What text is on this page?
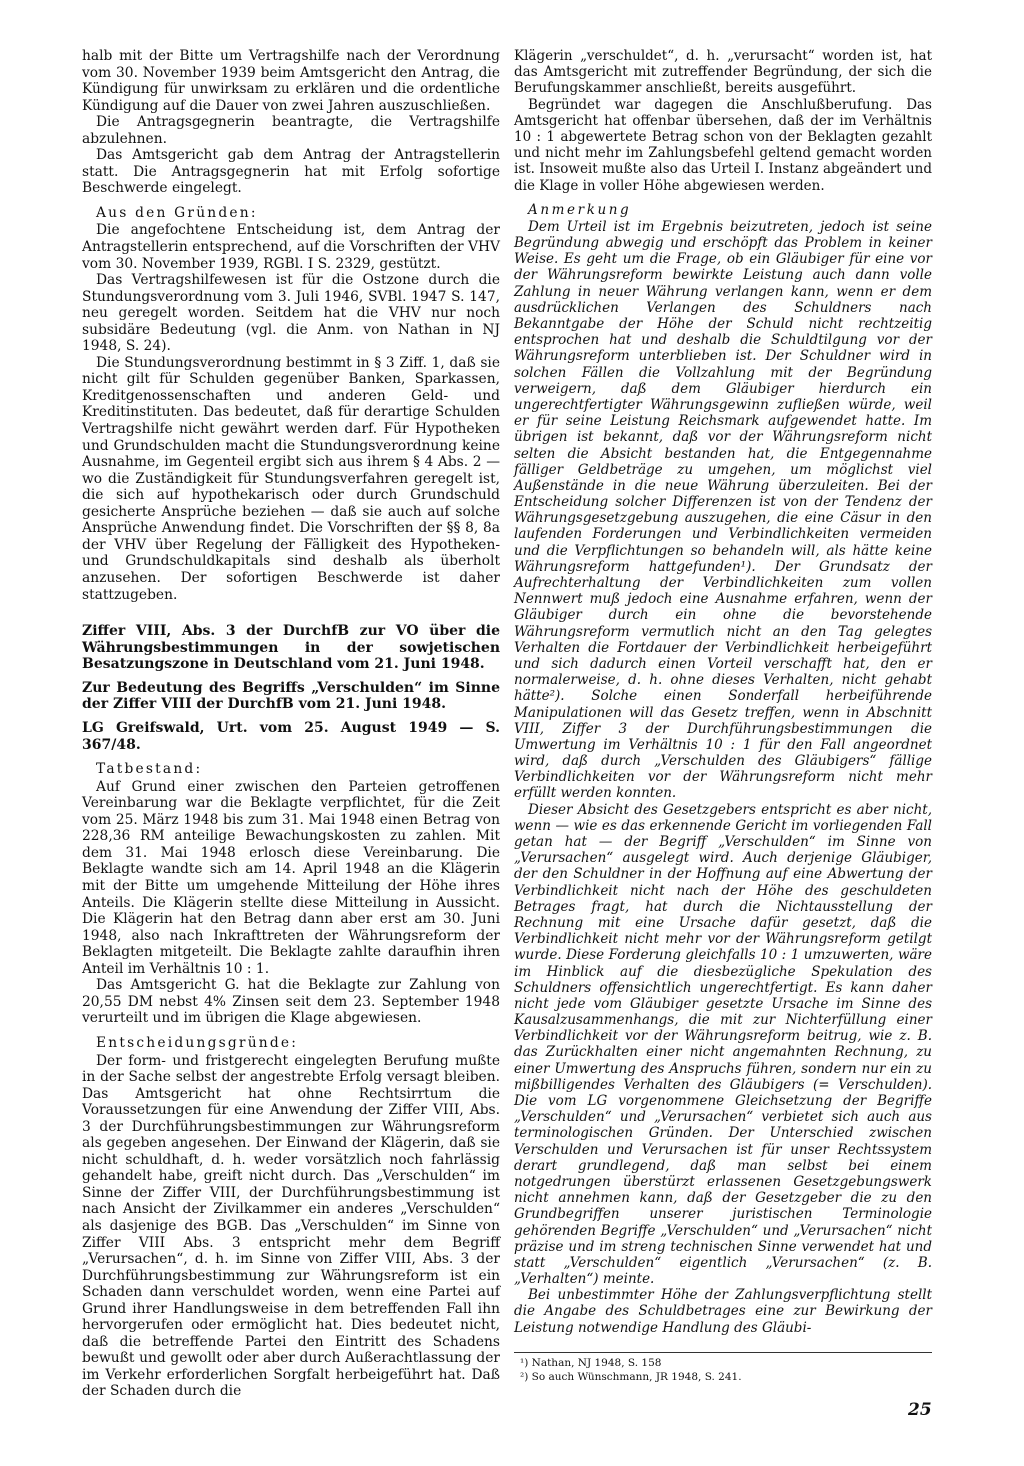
halb mit der Bitte um Vertragshilfe nach der Verordnung vom 30. November 1939 beim Amtsgericht den Antrag, die Kündigung für unwirksam zu erklären und die ordentliche Kündigung auf die Dauer von zwei Jahren auszuschließen.

Die Antragsgegnerin beantragte, die Vertragshilfe abzulehnen.

Das Amtsgericht gab dem Antrag der Antragstellerin statt. Die Antragsgegnerin hat mit Erfolg sofortige Beschwerde eingelegt.

Aus den Gründen:

Die angefochtene Entscheidung ist, dem Antrag der Antragstellerin entsprechend, auf die Vorschriften der VHV vom 30. November 1939, RGBl. I S. 2329, gestützt.

Das Vertragshilfewesen ist für die Ostzone durch die Stundungsverordnung vom 3. Juli 1946, SVBl. 1947 S. 147, neu geregelt worden. Seitdem hat die VHV nur noch subsidäre Bedeutung (vgl. die Anm. von Nathan in NJ 1948, S. 24).

Die Stundungsverordnung bestimmt in § 3 Ziff. 1, daß sie nicht gilt für Schulden gegenüber Banken, Sparkassen, Kreditgenossenschaften und anderen Geld- und Kreditinstituten. Das bedeutet, daß für derartige Schulden Vertragshilfe nicht gewährt werden darf. Für Hypotheken und Grundschulden macht die Stundungsverordnung keine Ausnahme, im Gegenteil ergibt sich aus ihrem § 4 Abs. 2 — wo die Zuständigkeit für Stundungsverfahren geregelt ist, die sich auf hypothekarisch oder durch Grundschuld gesicherte Ansprüche beziehen — daß sie auch auf solche Ansprüche Anwendung findet. Die Vorschriften der §§ 8, 8a der VHV über Regelung der Fälligkeit des Hypotheken- und Grundschuldkapitals sind deshalb als überholt anzusehen. Der sofortigen Beschwerde ist daher stattzugeben.

Ziffer VIII, Abs. 3 der DurchfB zur VO über die Währungsbestimmungen in der sowjetischen Besatzungszone in Deutschland vom 21. Juni 1948.
Zur Bedeutung des Begriffs „Verschulden“ im Sinne der Ziffer VIII der DurchfB vom 21. Juni 1948.
LG Greifswald, Urt. vom 25. August 1949 — S. 367/48.
Tatbestand:

Auf Grund einer zwischen den Parteien getroffenen Vereinbarung war die Beklagte verpflichtet, für die Zeit vom 25. März 1948 bis zum 31. Mai 1948 einen Betrag von 228,36 RM anteilige Bewachungskosten zu zahlen. Mit dem 31. Mai 1948 erlosch diese Vereinbarung. Die Beklagte wandte sich am 14. April 1948 an die Klägerin mit der Bitte um umgehende Mitteilung der Höhe ihres Anteils. Die Klägerin stellte diese Mitteilung in Aussicht. Die Klägerin hat den Betrag dann aber erst am 30. Juni 1948, also nach Inkrafttreten der Währungsreform der Beklagten mitgeteilt. Die Beklagte zahlte daraufhin ihren Anteil im Verhältnis 10 : 1.

Das Amtsgericht G. hat die Beklagte zur Zahlung von 20,55 DM nebst 4% Zinsen seit dem 23. September 1948 verurteilt und im übrigen die Klage abgewiesen.

Entscheidungsgründe:

Der form- und fristgerecht eingelegten Berufung mußte in der Sache selbst der angestrebte Erfolg versagt bleiben. Das Amtsgericht hat ohne Rechtsirrtum die Voraussetzungen für eine Anwendung der Ziffer VIII, Abs. 3 der Durchführungsbestimmungen zur Währungsreform als gegeben angesehen. Der Einwand der Klägerin, daß sie nicht schuldhaft, d. h. weder vorsätzlich noch fahrlässig gehandelt habe, greift nicht durch. Das „Verschulden“ im Sinne der Ziffer VIII, der Durchführungsbestimmung ist nach Ansicht der Zivilkammer ein anderes „Verschulden“ als dasjenige des BGB. Das „Verschulden“ im Sinne von Ziffer VIII Abs. 3 entspricht mehr dem Begriff „Verursachen“, d. h. im Sinne von Ziffer VIII, Abs. 3 der Durchführungsbestimmung zur Währungsreform ist ein Schaden dann verschuldet worden, wenn eine Partei auf Grund ihrer Handlungsweise in dem betreffenden Fall ihn hervorgerufen oder ermöglicht hat. Dies bedeutet nicht, daß die betreffende Partei den Eintritt des Schadens bewußt und gewollt oder aber durch Außerachtlassung der im Verkehr erforderlichen Sorgfalt herbeigeführt hat. Daß der Schaden durch die

Klägerin „verschuldet“, d. h. „verursacht“ worden ist, hat das Amtsgericht mit zutreffender Begründung, der sich die Berufungskammer anschließt, bereits ausgeführt.

Begründet war dagegen die Anschlußberufung. Das Amtsgericht hat offenbar übersehen, daß der im Verhältnis 10 : 1 abgewertete Betrag schon von der Beklagten gezahlt und nicht mehr im Zahlungsbefehl geltend gemacht worden ist. Insoweit mußte also das Urteil I. Instanz abgeändert und die Klage in voller Höhe abgewiesen werden.

Anmerkung

Dem Urteil ist im Ergebnis beizutreten, jedoch ist seine Begründung abwegig und erschöpft das Problem in keiner Weise. Es geht um die Frage, ob ein Gläubiger für eine vor der Währungsreform bewirkte Leistung auch dann volle Zahlung in neuer Währung verlangen kann, wenn er dem ausdrücklichen Verlangen des Schuldners nach Bekanntgabe der Höhe der Schuld nicht rechtzeitig entsprochen hat und deshalb die Schuldtilgung vor der Währungsreform unterblieben ist. Der Schuldner wird in solchen Fällen die Vollzahlung mit der Begründung verweigern, daß dem Gläubiger hierdurch ein ungerechtfertigter Währungsgewinn zufließen würde, weil er für seine Leistung Reichsmark aufgewendet hatte. Im übrigen ist bekannt, daß vor der Währungsreform nicht selten die Absicht bestanden hat, die Entgegennahme fälliger Geldbeträge zu umgehen, um möglichst viel Außenstände in die neue Währung überzuleiten. Bei der Entscheidung solcher Differenzen ist von der Tendenz der Währungsgesetzgebung auszugehen, die eine Cäsur in den laufenden Forderungen und Verbindlichkeiten vermeiden und die Verpflichtungen so behandeln will, als hätte keine Währungsreform hattgefunden¹). Der Grundsatz der Aufrechterhaltung der Verbindlichkeiten zum vollen Nennwert muß jedoch eine Ausnahme erfahren, wenn der Gläubiger durch ein ohne die bevorstehende Währungsreform vermutlich nicht an den Tag gelegtes Verhalten die Fortdauer der Verbindlichkeit herbeigeführt und sich dadurch einen Vorteil verschafft hat, den er normalerweise, d. h. ohne dieses Verhalten, nicht gehabt hätte²). Solche einen Sonderfall herbeiführende Manipulationen will das Gesetz treffen, wenn in Abschnitt VIII, Ziffer 3 der Durchführungsbestimmungen die Umwertung im Verhältnis 10 : 1 für den Fall angeordnet wird, daß durch „Verschulden des Gläubigers“ fällige Verbindlichkeiten vor der Währungsreform nicht mehr erfüllt werden konnten.

Dieser Absicht des Gesetzgebers entspricht es aber nicht, wenn — wie es das erkennende Gericht im vorliegenden Fall getan hat — der Begriff „Verschulden“ im Sinne von „Verursachen“ ausgelegt wird. Auch derjenige Gläubiger, der den Schuldner in der Hoffnung auf eine Abwertung der Verbindlichkeit nicht nach der Höhe des geschuldeten Betrages fragt, hat durch die Nichtausstellung der Rechnung mit eine Ursache dafür gesetzt, daß die Verbindlichkeit nicht mehr vor der Währungsreform getilgt wurde. Diese Forderung gleichfalls 10 : 1 umzuwerten, wäre im Hinblick auf die diesbezügliche Spekulation des Schuldners offensichtlich ungerechtfertigt. Es kann daher nicht jede vom Gläubiger gesetzte Ursache im Sinne des Kausalzusammenhangs, die mit zur Nichterfüllung einer Verbindlichkeit vor der Währungsreform beitrug, wie z. B. das Zurückhalten einer nicht angemahnten Rechnung, zu einer Umwertung des Anspruchs führen, sondern nur ein zu mißbilligendes Verhalten des Gläubigers (= Verschulden). Die vom LG vorgenommene Gleichsetzung der Begriffe „Verschulden“ und „Verursachen“ verbietet sich auch aus terminologischen Gründen. Der Unterschied zwischen Verschulden und Verursachen ist für unser Rechtssystem derart grundlegend, daß man selbst bei einem notgedrungen überstürzt erlassenen Gesetzgebungswerk nicht annehmen kann, daß der Gesetzgeber die zu den Grundbegriffen unserer juristischen Terminologie gehörenden Begriffe „Verschulden“ und „Verursachen“ nicht präzise und im streng technischen Sinne verwendet hat und statt „Verschulden“ eigentlich „Verursachen“ (z. B. „Verhalten“) meinte.

Bei unbestimmter Höhe der Zahlungsverpflichtung stellt die Angabe des Schuldbetrages eine zur Bewirkung der Leistung notwendige Handlung des Gläubi-

¹) Nathan, NJ 1948, S. 158
²) So auch Wünschmann, JR 1948, S. 241.
25
